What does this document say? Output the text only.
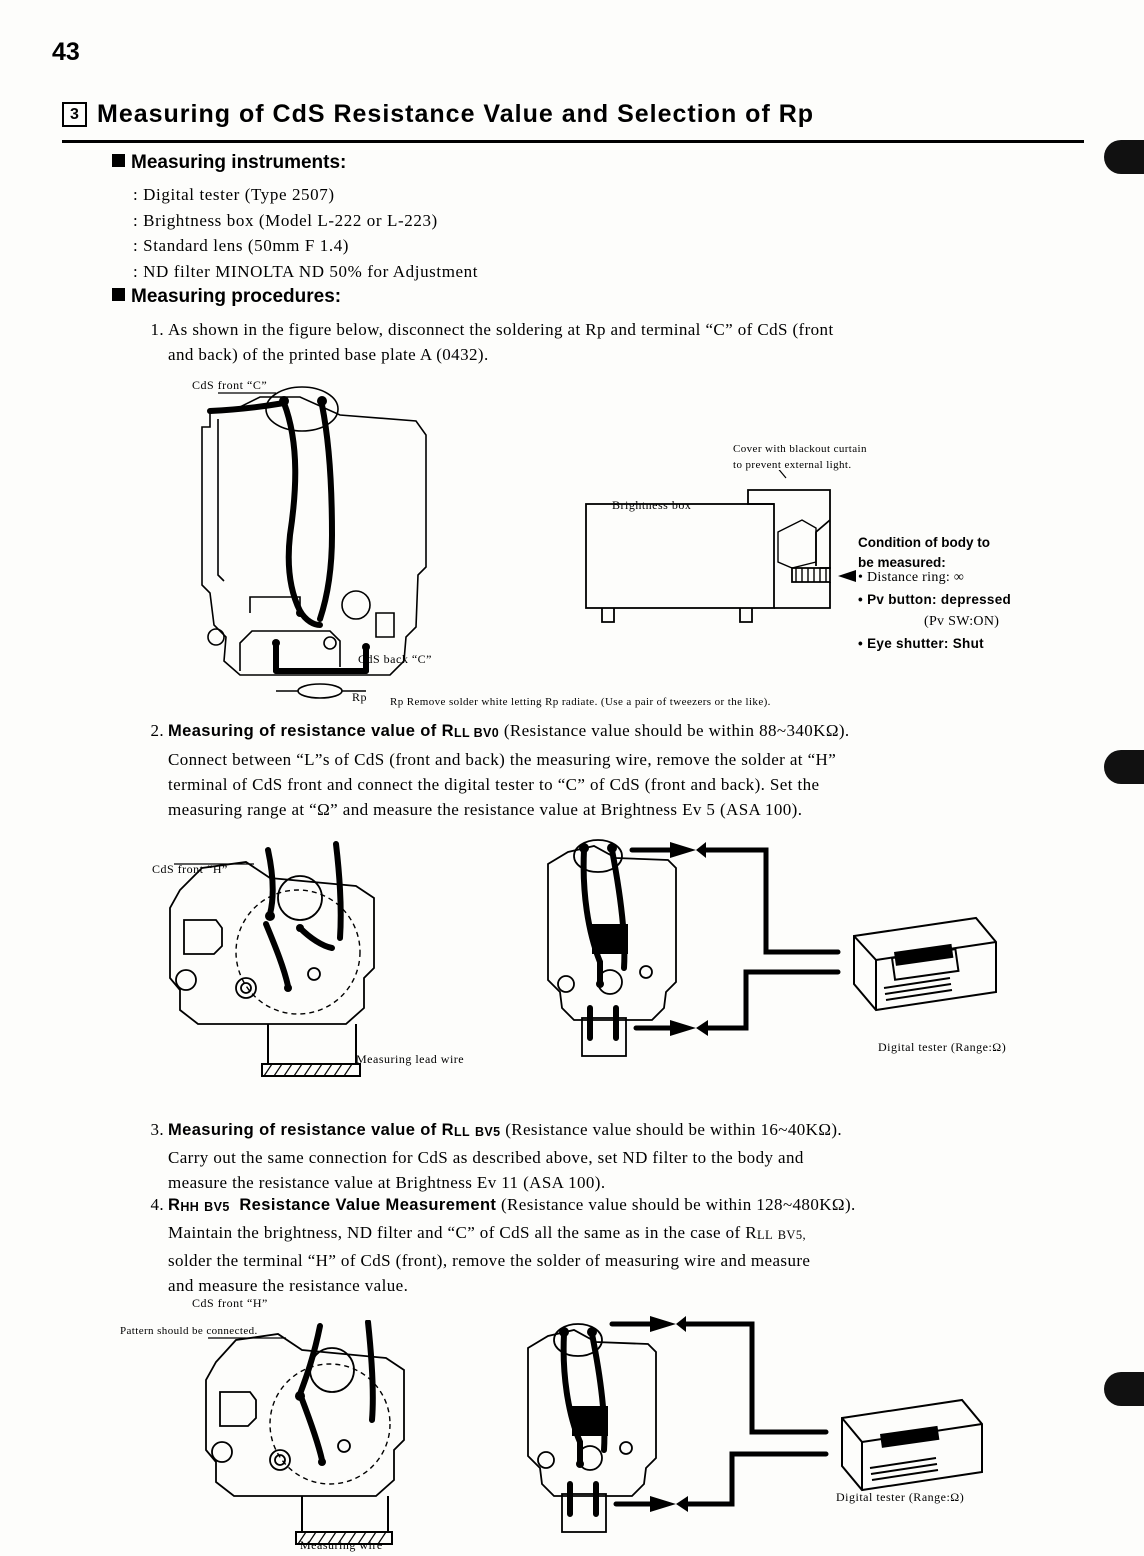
43
3 Measuring of CdS Resistance Value and Selection of Rp
Measuring instruments:
: Digital tester (Type 2507)
: Brightness box (Model L-222 or L-223)
: Standard lens (50mm F 1.4)
: ND filter MINOLTA ND 50% for Adjustment
Measuring procedures:
1. As shown in the figure below, disconnect the soldering at Rp and terminal “C” of CdS (front
and back) of the printed base plate A (0432).
CdS front “C”
CdS back “C”
Rp Rp Remove solder white letting Rp radiate. (Use a pair of tweezers or the like).
Cover with blackout curtain
to prevent external light.
Brightness box
Condition of body to
be measured:
• Distance ring: ∞
• Pv button: depressed
(Pv SW:ON)
• Eye shutter: Shut
2. Measuring of resistance value of RLL BV0 (Resistance value should be within 88~340KΩ).
Connect between “L”s of CdS (front and back) the measuring wire, remove the solder at “H”
terminal of CdS front and connect the digital tester to “C” of CdS (front and back). Set the
measuring range at “Ω” and measure the resistance value at Brightness Ev 5 (ASA 100).
CdS front “H”
Measuring lead wire
Digital tester (Range:Ω)
3. Measuring of resistance value of RLL BV5 (Resistance value should be within 16~40KΩ).
Carry out the same connection for CdS as described above, set ND filter to the body and
measure the resistance value at Brightness Ev 11 (ASA 100).
4. RHH BV5 Resistance Value Measurement (Resistance value should be within 128~480KΩ).
Maintain the brightness, ND filter and “C” of CdS all the same as in the case of RLL BV5,
solder the terminal “H” of CdS (front), remove the solder of measuring wire and measure
and measure the resistance value.
CdS front “H”
Pattern should be connected.
Measuring wire
Digital tester (Range:Ω)
